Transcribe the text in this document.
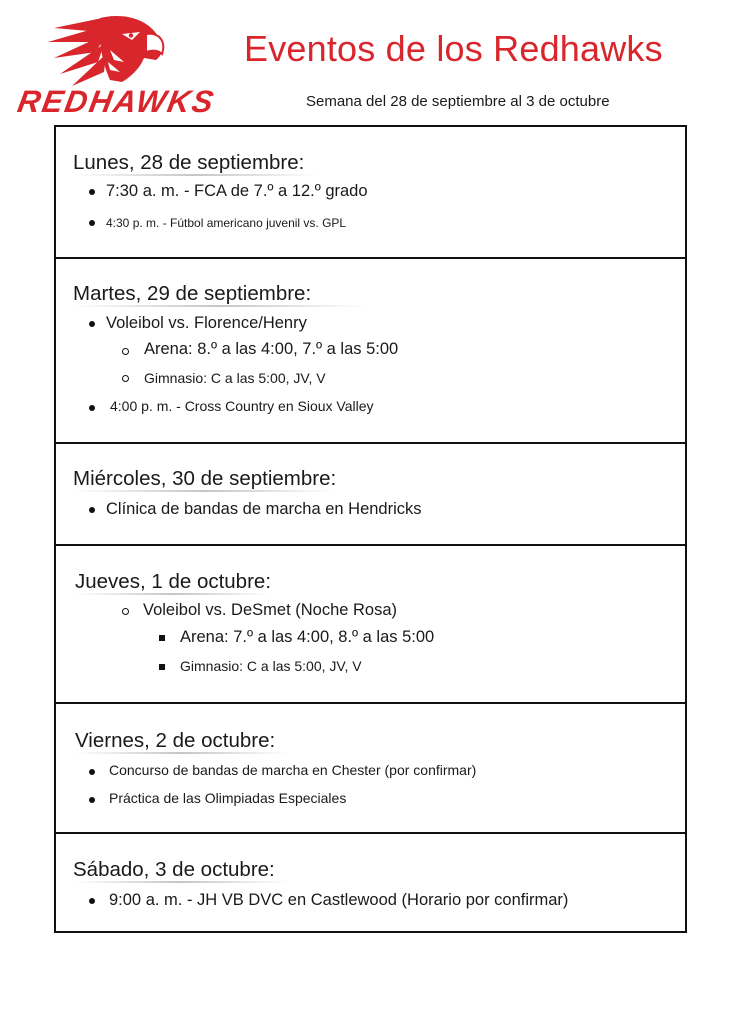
REDHAWKS
Eventos de los Redhawks
Semana del 28 de septiembre al 3 de octubre
Lunes, 28 de septiembre:
7:30 a. m. - FCA de 7.º a 12.º grado
4:30 p. m. - Fútbol americano juvenil vs. GPL
Martes, 29 de septiembre:
Voleibol vs. Florence/Henry
Arena: 8.º a las 4:00, 7.º a las 5:00
Gimnasio: C a las 5:00, JV, V
4:00 p. m. - Cross Country en Sioux Valley
Miércoles, 30 de septiembre:
Clínica de bandas de marcha en Hendricks
Jueves, 1 de octubre:
Voleibol vs. DeSmet (Noche Rosa)
Arena: 7.º a las 4:00, 8.º a las 5:00
Gimnasio: C a las 5:00, JV, V
Viernes, 2 de octubre:
Concurso de bandas de marcha en Chester (por confirmar)
Práctica de las Olimpiadas Especiales
Sábado, 3 de octubre:
9:00 a. m. - JH VB DVC en Castlewood (Horario por confirmar)
